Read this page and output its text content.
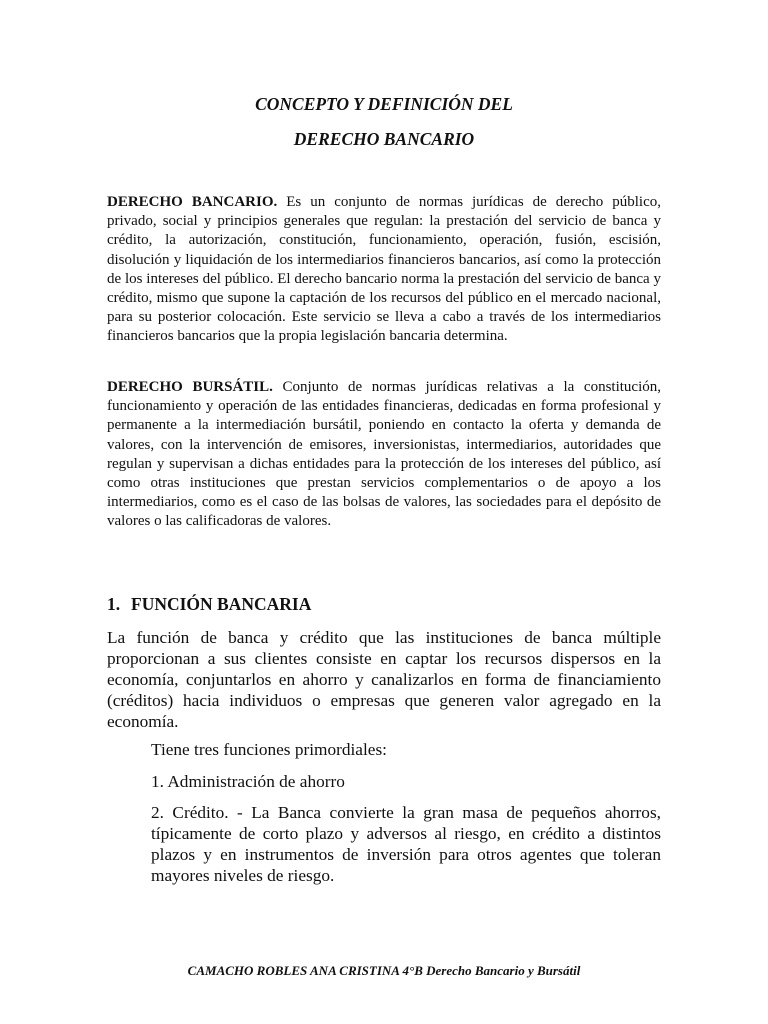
CONCEPTO Y DEFINICIÓN DEL
DERECHO BANCARIO

DERECHO BANCARIO. Es un conjunto de normas jurídicas de derecho público, privado, social y principios generales que regulan: la prestación del servicio de banca y crédito, la autorización, constitución, funcionamiento, operación, fusión, escisión, disolución y liquidación de los intermediarios financieros bancarios, así como la protección de los intereses del público. El derecho bancario norma la prestación del servicio de banca y crédito, mismo que supone la captación de los recursos del público en el mercado nacional, para su posterior colocación. Este servicio se lleva a cabo a través de los intermediarios financieros bancarios que la propia legislación bancaria determina.

DERECHO BURSÁTIL. Conjunto de normas jurídicas relativas a la constitución, funcionamiento y operación de las entidades financieras, dedicadas en forma profesional y permanente a la intermediación bursátil, poniendo en contacto la oferta y demanda de valores, con la intervención de emisores, inversionistas, intermediarios, autoridades que regulan y supervisan a dichas entidades para la protección de los intereses del público, así como otras instituciones que prestan servicios complementarios o de apoyo a los intermediarios, como es el caso de las bolsas de valores, las sociedades para el depósito de valores o las calificadoras de valores.

1. FUNCIÓN BANCARIA

La función de banca y crédito que las instituciones de banca múltiple proporcionan a sus clientes consiste en captar los recursos dispersos en la economía, conjuntarlos en ahorro y canalizarlos en forma de financiamiento (créditos) hacia individuos o empresas que generen valor agregado en la economía.

Tiene tres funciones primordiales:

1. Administración de ahorro

2. Crédito. - La Banca convierte la gran masa de pequeños ahorros, típicamente de corto plazo y adversos al riesgo, en crédito a distintos plazos y en instrumentos de inversión para otros agentes que toleran mayores niveles de riesgo.

CAMACHO ROBLES ANA CRISTINA 4°B Derecho Bancario y Bursátil
